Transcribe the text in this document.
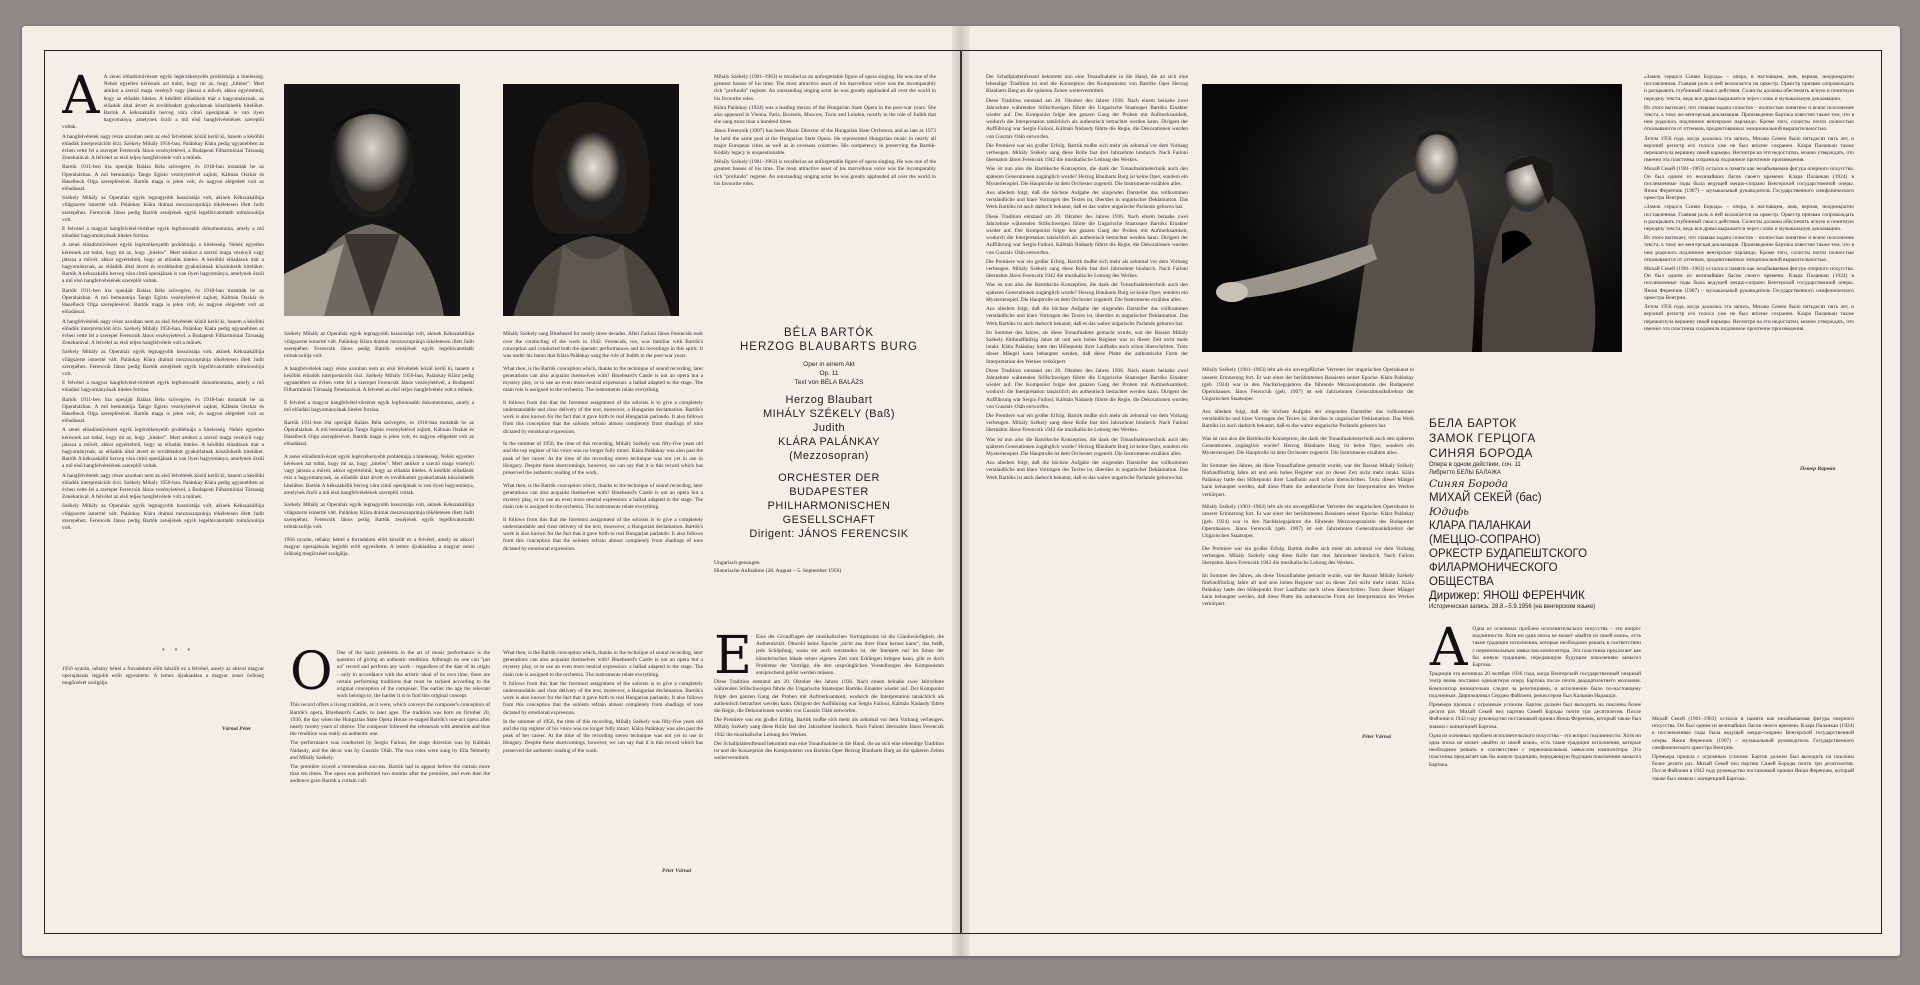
A A zenei előadóművészet egyik legérzékenyebb problémája a hitelesség. Nehéz egyetlen kérésnek azt tudni, hogy mi az, hogy „hiteles”. Mert amikor a szerző maga vezényli vagy játssza a művét, akkor egyértelmű, hogy az előadás hiteles. A későbbi előadások már a hagyománynak, az előadók által átvett és továbbadott gyakorlatnak köszönhetik hitelüket. Bartók A kékszakállú herceg vára című operájának is van ilyen hagyománya, amelynek őrzői a mű első hangfelvételének szereplői voltak.

A hangfelvételek nagy része azonban nem az első felvételek közül kerül ki, hanem a későbbi előadók interpretációit őrzi. Székely Mihály 1956-ban, Palánkay Klára pedig ugyanebben az évben vette fel a szerepet Ferencsik János vezényletével, a Budapesti Filharmóniai Társaság Zenekarával. A felvétel az első teljes hangfelvétele volt a műnek.

Bartók 1911-ben írta operáját Balázs Béla szövegére, és 1918-ban mutatták be az Operaházban. A mű bemutatója Tango Egisto vezényletével zajlott, Kálmán Oszkár és Haselbeck Olga szereplésével. Bartók maga is jelen volt, és nagyon elégedett volt az előadással.

Székely Mihály az Operaház egyik legnagyobb basszistája volt, akinek Kékszakállúja világszerte ismertté vált. Palánkay Klára drámai mezzoszopránja tökéletesen illett Judit szerepéhez. Ferencsik János pedig Bartók zenéjének egyik legelhivatottabb tolmácsolója volt.

E felvétel a magyar hangfelvétel-történet egyik legfontosabb dokumentuma, amely a mű előadási hagyományának hiteles forrása.

A zenei előadóművészet egyik legérzékenyebb problémája a hitelesség. Nehéz egyetlen kérésnek azt tudni, hogy mi az, hogy „hiteles”. Mert amikor a szerző maga vezényli vagy játssza a művét, akkor egyértelmű, hogy az előadás hiteles. A későbbi előadások már a hagyománynak, az előadók által átvett és továbbadott gyakorlatnak köszönhetik hitelüket. Bartók A kékszakállú herceg vára című operájának is van ilyen hagyománya, amelynek őrzői a mű első hangfelvételének szereplői voltak.

Bartók 1911-ben írta operáját Balázs Béla szövegére, és 1918-ban mutatták be az Operaházban. A mű bemutatója Tango Egisto vezényletével zajlott, Kálmán Oszkár és Haselbeck Olga szereplésével. Bartók maga is jelen volt, és nagyon elégedett volt az előadással.

A hangfelvételek nagy része azonban nem az első felvételek közül kerül ki, hanem a későbbi előadók interpretációit őrzi. Székely Mihály 1956-ban, Palánkay Klára pedig ugyanebben az évben vette fel a szerepet Ferencsik János vezényletével, a Budapesti Filharmóniai Társaság Zenekarával. A felvétel az első teljes hangfelvétele volt a műnek.

Székely Mihály az Operaház egyik legnagyobb basszistája volt, akinek Kékszakállúja világszerte ismertté vált. Palánkay Klára drámai mezzoszopránja tökéletesen illett Judit szerepéhez. Ferencsik János pedig Bartók zenéjének egyik legelhivatottabb tolmácsolója volt.

E felvétel a magyar hangfelvétel-történet egyik legfontosabb dokumentuma, amely a mű előadási hagyományának hiteles forrása.

Bartók 1911-ben írta operáját Balázs Béla szövegére, és 1918-ban mutatták be az Operaházban. A mű bemutatója Tango Egisto vezényletével zajlott, Kálmán Oszkár és Haselbeck Olga szereplésével. Bartók maga is jelen volt, és nagyon elégedett volt az előadással.

A zenei előadóművészet egyik legérzékenyebb problémája a hitelesség. Nehéz egyetlen kérésnek azt tudni, hogy mi az, hogy „hiteles”. Mert amikor a szerző maga vezényli vagy játssza a művét, akkor egyértelmű, hogy az előadás hiteles. A későbbi előadások már a hagyománynak, az előadók által átvett és továbbadott gyakorlatnak köszönhetik hitelüket. Bartók A kékszakállú herceg vára című operájának is van ilyen hagyománya, amelynek őrzői a mű első hangfelvételének szereplői voltak.

A hangfelvételek nagy része azonban nem az első felvételek közül kerül ki, hanem a későbbi előadók interpretációit őrzi. Székely Mihály 1956-ban, Palánkay Klára pedig ugyanebben az évben vette fel a szerepet Ferencsik János vezényletével, a Budapesti Filharmóniai Társaság Zenekarával. A felvétel az első teljes hangfelvétele volt a műnek.

Székely Mihály az Operaház egyik legnagyobb basszistája volt, akinek Kékszakállúja világszerte ismertté vált. Palánkay Klára drámai mezzoszopránja tökéletesen illett Judit szerepéhez. Ferencsik János pedig Bartók zenéjének egyik legelhivatottabb tolmácsolója volt.

* * *

1956 nyarán, néhány héttel a forradalom előtt készült ez a felvétel, amely az akkori magyar operajátszás legjobb erőit egyesítette. A lemez újrakiadása a magyar zenei örökség megőrzését szolgálja.

Várnai Péter

Székely Mihály az Operaház egyik legnagyobb basszistája volt, akinek Kékszakállúja világszerte ismertté vált. Palánkay Klára drámai mezzoszopránja tökéletesen illett Judit szerepéhez. Ferencsik János pedig Bartók zenéjének egyik legelhivatottabb tolmácsolója volt.

A hangfelvételek nagy része azonban nem az első felvételek közül kerül ki, hanem a későbbi előadók interpretációit őrzi. Székely Mihály 1956-ban, Palánkay Klára pedig ugyanebben az évben vette fel a szerepet Ferencsik János vezényletével, a Budapesti Filharmóniai Társaság Zenekarával. A felvétel az első teljes hangfelvétele volt a műnek.

E felvétel a magyar hangfelvétel-történet egyik legfontosabb dokumentuma, amely a mű előadási hagyományának hiteles forrása.

Bartók 1911-ben írta operáját Balázs Béla szövegére, és 1918-ban mutatták be az Operaházban. A mű bemutatója Tango Egisto vezényletével zajlott, Kálmán Oszkár és Haselbeck Olga szereplésével. Bartók maga is jelen volt, és nagyon elégedett volt az előadással.

A zenei előadóművészet egyik legérzékenyebb problémája a hitelesség. Nehéz egyetlen kérésnek azt tudni, hogy mi az, hogy „hiteles”. Mert amikor a szerző maga vezényli vagy játssza a művét, akkor egyértelmű, hogy az előadás hiteles. A későbbi előadások már a hagyománynak, az előadók által átvett és továbbadott gyakorlatnak köszönhetik hitelüket. Bartók A kékszakállú herceg vára című operájának is van ilyen hagyománya, amelynek őrzői a mű első hangfelvételének szereplői voltak.

Székely Mihály az Operaház egyik legnagyobb basszistája volt, akinek Kékszakállúja világszerte ismertté vált. Palánkay Klára drámai mezzoszopránja tökéletesen illett Judit szerepéhez. Ferencsik János pedig Bartók zenéjének egyik legelhivatottabb tolmácsolója volt.

1956 nyarán, néhány héttel a forradalom előtt készült ez a felvétel, amely az akkori magyar operajátszás legjobb erőit egyesítette. A lemez újrakiadása a magyar zenei örökség megőrzését szolgálja.

Mihály Székely sang Bluebeard for nearly three decades. After Failoni János Ferencsik took over the conducting of the work in 1942. Ferencsik, too, was familiar with Bartók's conception and conducted both the operatic performances and its recordings in this spirit. It was under his baton that Klára Palánkay sang the role of Judith in the post-war years.

What then, is the Bartók conception which, thanks to the technique of sound recording, later generations can also acquaint themselves with? Bluebeard's Castle is not an opera but a mystery play, or to use an even more neutral expression: a ballad adapted to the stage. The main role is assigned to the orchestra. The instruments relate everything.

It follows from this that the foremost assignment of the soloists is to give a completely understandable and clear delivery of the text, moreover, a Hungarian declamation. Bartók's work is also known for the fact that it gave birth to real Hungarian parlando. It also follows from this conception that the soloists refrain almost completely from shadings of tone dictated by emotional expression.

In the summer of 1956, the time of this recording, Mihály Székely was fifty-five years old and the top register of his voice was no longer fully intact. Klára Palánkay was also past the peak of her career. At the time of the recording stereo technique was not yet in use in Hungary. Despite these shortcomings, however, we can say that it is this record which has preserved the authentic reading of the work.

What then, is the Bartók conception which, thanks to the technique of sound recording, later generations can also acquaint themselves with? Bluebeard's Castle is not an opera but a mystery play, or to use an even more neutral expression: a ballad adapted to the stage. The main role is assigned to the orchestra. The instruments relate everything.

It follows from this that the foremost assignment of the soloists is to give a completely understandable and clear delivery of the text, moreover, a Hungarian declamation. Bartók's work is also known for the fact that it gave birth to real Hungarian parlando. It also follows from this conception that the soloists refrain almost completely from shadings of tone dictated by emotional expression.

O One of the basic problems in the art of music performance is the question of giving an authentic rendition. Although no one can "put on" record and perform any work – regardless of the date of its origin – only in accordance with the artistic ideal of its own time, there are certain performing traditions that must be tackled according to the original conception of the composer. The earlier the age the relevant work belongs to, the harder it is to find this original concept.

This record offers a living tradition, as it were, which conveys the composer's conception of Bartók's opera, Bluebeard's Castle, to later ages. The tradition was born on October 20, 1936, the day when the Hungarian State Opera House re-staged Bartók's one-act opera after nearly twenty years of silence. The composer followed the rehearsals with attention and thus the rendition was really an authentic one.

The performance was conducted by Sergio Failoni, the stage direction was by Kálmán Nádasdy, and the décor was by Gusztáv Oláh. The two roles were sung by Ella Némethy and Mihály Székely.

The première scored a tremendous success. Bartók had to appear before the curtain more than ten times. The opera was performed two months after the première, and even then the audience gave Bartók a curtain call.

What then, is the Bartók conception which, thanks to the technique of sound recording, later generations can also acquaint themselves with? Bluebeard's Castle is not an opera but a mystery play, or to use an even more neutral expression: a ballad adapted to the stage. The main role is assigned to the orchestra. The instruments relate everything.

It follows from this that the foremost assignment of the soloists is to give a completely understandable and clear delivery of the text, moreover, a Hungarian declamation. Bartók's work is also known for the fact that it gave birth to real Hungarian parlando. It also follows from this conception that the soloists refrain almost completely from shadings of tone dictated by emotional expression.

In the summer of 1956, the time of this recording, Mihály Székely was fifty-five years old and the top register of his voice was no longer fully intact. Klára Palánkay was also past the peak of her career. At the time of the recording stereo technique was not yet in use in Hungary. Despite these shortcomings, however, we can say that it is this record which has preserved the authentic reading of the work.

Péter Várnai

Mihály Székely (1901–1963) is recalled as an unforgettable figure of opera singing. He was one of the greatest basses of his time. The most attractive asset of his marvellous voice was the incomparably rich "profundo" register. An outstanding singing actor he was greatly applauded all over the world in his favourite roles.

Klára Palánkay (1924) was a leading mezzo of the Hungarian State Opera in the post-war years. She also appeared in Vienna, Paris, Brussels, Moscow, Turin and London, mostly in the role of Judith that she sang more than a hundred times.

János Ferencsik (1907) has been Music Director of the Hungarian State Orchestra, and as late as 1973 he held the same post at the Hungarian State Opera. He represented Hungarian music in nearly all major European cities as well as in overseas countries. His competency in preserving the Bartók-Kodály legacy is unquestionable.

Mihály Székely (1901–1963) is recalled as an unforgettable figure of opera singing. He was one of the greatest basses of his time. The most attractive asset of his marvellous voice was the incomparably rich "profundo" register. An outstanding singing actor he was greatly applauded all over the world in his favourite roles.

BÉLA BARTÓK
HERZOG BLAUBARTS BURG
Oper in einem Akt
Op. 11
Text von BÉLA BALÁZS
Herzog Blaubart
MIHÁLY SZÉKELY (Baß)
Judith
KLÁRA PALÁNKAY
(Mezzosopran)
ORCHESTER DER
BUDAPESTER
PHILHARMONISCHEN
GESELLSCHAFT
Dirigent: JÁNOS FERENCSIK
Ungarisch gesungen
Historische Aufnahme (28. August – 5. September 1956)

E Eine der Grundfragen der musikalischen Vortragskunst ist die Glaubwürdigkeit, die Authentizität. Obwohl keine Epoche „nicht aus ihrer Haut heraus kann“, das heißt, jede Schöpfung, wann sie auch entstanden ist, der Interpret nur im Sinne der künstlerischen Ideale seiner eigenen Zeit zum Erklingen bringen kann, gibt es doch Probleme der Vorträge, die den ursprünglichen Vorstellungen des Komponisten entsprechend gelöst werden müssen.

Diese Tradition entstand am 20. Oktober des Jahres 1936. Nach einem beinahe zwei Jahrzehnte währenden Stillschweigen führte die Ungarische Staatsoper Bartóks Einakter wieder auf. Der Komponist folgte den ganzen Gang der Proben mit Aufmerksamkeit, wodurch die Interpretation tatsächlich als authentisch betrachtet werden kann. Dirigent der Aufführung war Sergio Failoni, Kálmán Nádasdy führte die Regie, die Dekorationen wurden von Gusztáv Oláh entworfen.

Die Premiere war ein großer Erfolg. Bartók mußte sich mehr als zehnmal vor dem Vorhang verbeugen. Mihály Székely sang diese Rolle fast drei Jahrzehnte hindurch. Nach Failoni übernahm János Ferencsik 1942 die musikalische Leitung des Werkes.

Der Schallplattenfreund bekommt nun eine Tonaufnahme in die Hand, die an sich eine lebendige Tradition ist und die Konzeption des Komponisten von Bartóks Oper Herzog Blaubarts Burg an die späteren Zeiten weitervermittelt.

Der Schallplattenfreund bekommt nun eine Tonaufnahme in die Hand, die an sich eine lebendige Tradition ist und die Konzeption des Komponisten von Bartóks Oper Herzog Blaubarts Burg an die späteren Zeiten weitervermittelt.

Diese Tradition entstand am 20. Oktober des Jahres 1936. Nach einem beinahe zwei Jahrzehnte währenden Stillschweigen führte die Ungarische Staatsoper Bartóks Einakter wieder auf. Der Komponist folgte den ganzen Gang der Proben mit Aufmerksamkeit, wodurch die Interpretation tatsächlich als authentisch betrachtet werden kann. Dirigent der Aufführung war Sergio Failoni, Kálmán Nádasdy führte die Regie, die Dekorationen wurden von Gusztáv Oláh entworfen.

Die Premiere war ein großer Erfolg. Bartók mußte sich mehr als zehnmal vor dem Vorhang verbeugen. Mihály Székely sang diese Rolle fast drei Jahrzehnte hindurch. Nach Failoni übernahm János Ferencsik 1942 die musikalische Leitung des Werkes.

Was ist nun also die Bartóksche Konzeption, die dank der Tonaufnahmetechnik auch den späteren Generationen zugänglich wurde? Herzog Blaubarts Burg ist keine Oper, sondern ein Mysterienspiel. Die Hauptrolle ist dem Orchester zugeteilt. Die Instrumente erzählen alles.

Aus alledem folgt, daß die höchste Aufgabe der singenden Darsteller das vollkommen verständliche und klare Vortragen des Textes ist, überdies in ungarischer Deklamation. Das Werk Bartóks ist auch dadurch bekannt, daß es das wahre ungarische Parlando geboren hat.

Diese Tradition entstand am 20. Oktober des Jahres 1936. Nach einem beinahe zwei Jahrzehnte währenden Stillschweigen führte die Ungarische Staatsoper Bartóks Einakter wieder auf. Der Komponist folgte den ganzen Gang der Proben mit Aufmerksamkeit, wodurch die Interpretation tatsächlich als authentisch betrachtet werden kann. Dirigent der Aufführung war Sergio Failoni, Kálmán Nádasdy führte die Regie, die Dekorationen wurden von Gusztáv Oláh entworfen.

Die Premiere war ein großer Erfolg. Bartók mußte sich mehr als zehnmal vor dem Vorhang verbeugen. Mihály Székely sang diese Rolle fast drei Jahrzehnte hindurch. Nach Failoni übernahm János Ferencsik 1942 die musikalische Leitung des Werkes.

Was ist nun also die Bartóksche Konzeption, die dank der Tonaufnahmetechnik auch den späteren Generationen zugänglich wurde? Herzog Blaubarts Burg ist keine Oper, sondern ein Mysterienspiel. Die Hauptrolle ist dem Orchester zugeteilt. Die Instrumente erzählen alles.

Aus alledem folgt, daß die höchste Aufgabe der singenden Darsteller das vollkommen verständliche und klare Vortragen des Textes ist, überdies in ungarischer Deklamation. Das Werk Bartóks ist auch dadurch bekannt, daß es das wahre ungarische Parlando geboren hat.

Im Sommer des Jahres, als diese Tonaufnahme gemacht wurde, war der Bassist Mihály Székely fünfundfünfzig Jahre alt und sein hohes Register war zu dieser Zeit nicht mehr intakt. Klára Palánkay hatte den Höhepunkt ihrer Laufbahn auch schon überschritten. Trotz dieser Mängel kann behauptet werden, daß diese Platte die authentische Form der Interpretation des Werkes verkörpert.

Diese Tradition entstand am 20. Oktober des Jahres 1936. Nach einem beinahe zwei Jahrzehnte währenden Stillschweigen führte die Ungarische Staatsoper Bartóks Einakter wieder auf. Der Komponist folgte den ganzen Gang der Proben mit Aufmerksamkeit, wodurch die Interpretation tatsächlich als authentisch betrachtet werden kann. Dirigent der Aufführung war Sergio Failoni, Kálmán Nádasdy führte die Regie, die Dekorationen wurden von Gusztáv Oláh entworfen.

Die Premiere war ein großer Erfolg. Bartók mußte sich mehr als zehnmal vor dem Vorhang verbeugen. Mihály Székely sang diese Rolle fast drei Jahrzehnte hindurch. Nach Failoni übernahm János Ferencsik 1942 die musikalische Leitung des Werkes.

Was ist nun also die Bartóksche Konzeption, die dank der Tonaufnahmetechnik auch den späteren Generationen zugänglich wurde? Herzog Blaubarts Burg ist keine Oper, sondern ein Mysterienspiel. Die Hauptrolle ist dem Orchester zugeteilt. Die Instrumente erzählen alles.

Aus alledem folgt, daß die höchste Aufgabe der singenden Darsteller das vollkommen verständliche und klare Vortragen des Textes ist, überdies in ungarischer Deklamation. Das Werk Bartóks ist auch dadurch bekannt, daß es das wahre ungarische Parlando geboren hat.

Mihály Székely (1901–1963) lebt als ein unvergeßlicher Vertreter der ungarischen Opernkunst in unserer Erinnerung fort. Er war einer der berühmtesten Bassisten seiner Epoche. Klára Palánkay (geb. 1924) war in den Nachkriegsjahren die führende Mezzosopranistin des Budapester Opernhauses. János Ferencsik (geb. 1907) ist seit Jahrzehnten Generalmusikdirektor der Ungarischen Staatsoper.

Aus alledem folgt, daß die höchste Aufgabe der singenden Darsteller das vollkommen verständliche und klare Vortragen des Textes ist, überdies in ungarischer Deklamation. Das Werk Bartóks ist auch dadurch bekannt, daß es das wahre ungarische Parlando geboren hat.

Was ist nun also die Bartóksche Konzeption, die dank der Tonaufnahmetechnik auch den späteren Generationen zugänglich wurde? Herzog Blaubarts Burg ist keine Oper, sondern ein Mysterienspiel. Die Hauptrolle ist dem Orchester zugeteilt. Die Instrumente erzählen alles.

Im Sommer des Jahres, als diese Tonaufnahme gemacht wurde, war der Bassist Mihály Székely fünfundfünfzig Jahre alt und sein hohes Register war zu dieser Zeit nicht mehr intakt. Klára Palánkay hatte den Höhepunkt ihrer Laufbahn auch schon überschritten. Trotz dieser Mängel kann behauptet werden, daß diese Platte die authentische Form der Interpretation des Werkes verkörpert.

Mihály Székely (1901–1963) lebt als ein unvergeßlicher Vertreter der ungarischen Opernkunst in unserer Erinnerung fort. Er war einer der berühmtesten Bassisten seiner Epoche. Klára Palánkay (geb. 1924) war in den Nachkriegsjahren die führende Mezzosopranistin des Budapester Opernhauses. János Ferencsik (geb. 1907) ist seit Jahrzehnten Generalmusikdirektor der Ungarischen Staatsoper.

Die Premiere war ein großer Erfolg. Bartók mußte sich mehr als zehnmal vor dem Vorhang verbeugen. Mihály Székely sang diese Rolle fast drei Jahrzehnte hindurch. Nach Failoni übernahm János Ferencsik 1942 die musikalische Leitung des Werkes.

Im Sommer des Jahres, als diese Tonaufnahme gemacht wurde, war der Bassist Mihály Székely fünfundfünfzig Jahre alt und sein hohes Register war zu dieser Zeit nicht mehr intakt. Klára Palánkay hatte den Höhepunkt ihrer Laufbahn auch schon überschritten. Trotz dieser Mängel kann behauptet werden, daß diese Platte die authentische Form der Interpretation des Werkes verkörpert.

Péter Várnai
БЕЛА БАРТОК
ЗАМОК ГЕРЦОГА
СИНЯЯ БОРОДА
Опера в одном действии, соч. 11
Либретто БЕЛЫ БАЛАЖА
Синяя Борода
МИХАЙ СЕКЕЙ (бас)
Юдифь
КЛАРА ПАЛАНКАИ
(МЕЦЦО-СОПРАНО)
ОРКЕСТР БУДАПЕШТСКОГО
ФИЛАРМОНИЧЕСКОГО
ОБЩЕСТВА
Дирижер: ЯНОШ ФЕРЕНЧИК
Историческая запись: 28.8.–5.9.1956 (на венгерском языке)

«Замок герцога Синяя Борода» – опера, в настоящем, жив, верная, неоднократно поставленная. Главная роль в ней возлагается на оркестр. Оркестр призван сопровождать и раскрывать глубинный смысл действия. Солисты должны обеспечить ясную и понятную передачу текста, ведь вся драма выражается через слово и музыкальную декламацию.

Из этого вытекает, что главная задача солистов – полностью понятное и ясное исполнение текста, к тому же венгерская декламация. Произведение Бартока известно также тем, что в нем родилось подлинное венгерское парландо. Кроме того, солисты почти полностью отказываются от оттенков, продиктованных эмоциональной выразительностью.

Летом 1956 года, когда делалась эта запись, Михаю Секею было пятьдесят пять лет, и верхний регистр его голоса уже не был вполне сохранен. Клара Паланкаи также перешагнула вершину своей карьеры. Несмотря на эти недостатки, можно утверждать, что именно эта пластинка сохранила подлинное прочтение произведения.

Михай Секей (1901–1963) остался в памяти как незабываемая фигура оперного искусства. Он был одним из величайших басов своего времени. Клара Паланкаи (1924) в послевоенные годы была ведущей меццо-сопрано Венгерской государственной оперы. Янош Ференчик (1907) – музыкальный руководитель Государственного симфонического оркестра Венгрии.

«Замок герцога Синяя Борода» – опера, в настоящем, жив, верная, неоднократно поставленная. Главная роль в ней возлагается на оркестр. Оркестр призван сопровождать и раскрывать глубинный смысл действия. Солисты должны обеспечить ясную и понятную передачу текста, ведь вся драма выражается через слово и музыкальную декламацию.

Из этого вытекает, что главная задача солистов – полностью понятное и ясное исполнение текста, к тому же венгерская декламация. Произведение Бартока известно также тем, что в нем родилось подлинное венгерское парландо. Кроме того, солисты почти полностью отказываются от оттенков, продиктованных эмоциональной выразительностью.

Михай Секей (1901–1963) остался в памяти как незабываемая фигура оперного искусства. Он был одним из величайших басов своего времени. Клара Паланкаи (1924) в послевоенные годы была ведущей меццо-сопрано Венгерской государственной оперы. Янош Ференчик (1907) – музыкальный руководитель Государственного симфонического оркестра Венгрии.

Летом 1956 года, когда делалась эта запись, Михаю Секею было пятьдесят пять лет, и верхний регистр его голоса уже не был вполне сохранен. Клара Паланкаи также перешагнула вершину своей карьеры. Несмотря на эти недостатки, можно утверждать, что именно эта пластинка сохранила подлинное прочтение произведения.

Петер Варнаи

А Одна из основных проблем исполнительского искусства – это вопрос подлинности. Хотя ни одна эпоха не может «выйти из своей кожи», есть такие традиции исполнения, которые необходимо решать в соответствии с первоначальным замыслом композитора. Эта пластинка предлагает как бы живую традицию, передающую будущим поколениям замысел Бартока.

Традиция эта возникла 20 октября 1936 года, когда Венгерский государственный оперный театр вновь поставил одноактную оперу Бартока после почти двадцатилетнего молчания. Композитор внимательно следил за репетициями, и исполнение было по-настоящему подлинным. Дирижировал Серджо Файлони, режиссером был Кальман Надашди.

Премьера прошла с огромным успехом. Барток должен был выходить на поклоны более десяти раз. Михай Секей пел партию Синей Бороды почти три десятилетия. После Файлони в 1942 году руководство постановкой принял Янош Ференчик, который также был знаком с концепцией Бартока.

Одна из основных проблем исполнительского искусства – это вопрос подлинности. Хотя ни одна эпоха не может «выйти из своей кожи», есть такие традиции исполнения, которые необходимо решать в соответствии с первоначальным замыслом композитора. Эта пластинка предлагает как бы живую традицию, передающую будущим поколениям замысел Бартока.

Михай Секей (1901–1963) остался в памяти как незабываемая фигура оперного искусства. Он был одним из величайших басов своего времени. Клара Паланкаи (1924) в послевоенные годы была ведущей меццо-сопрано Венгерской государственной оперы. Янош Ференчик (1907) – музыкальный руководитель Государственного симфонического оркестра Венгрии.

Премьера прошла с огромным успехом. Барток должен был выходить на поклоны более десяти раз. Михай Секей пел партию Синей Бороды почти три десятилетия. После Файлони в 1942 году руководство постановкой принял Янош Ференчик, который также был знаком с концепцией Бартока.
